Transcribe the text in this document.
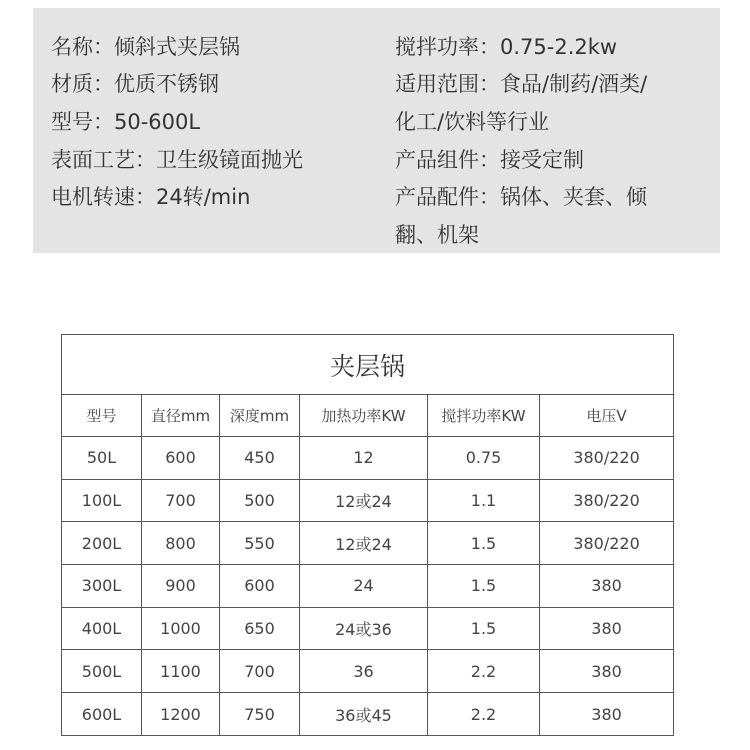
名称：倾斜式夹层锅
材质：优质不锈钢
型号：50-600L
表面工艺：卫生级镜面抛光
电机转速：24转/min
搅拌功率：0.75-2.2kw
适用范围：食品/制药/酒类/
化工/饮料等行业
产品组件：接受定制
产品配件：锅体、夹套、倾
翻、机架
夹层锅					
型号	直径mm	深度mm	加热功率KW	搅拌功率KW	电压V
50L	600	450	12	0.75	380/220
100L	700	500	12或24	1.1	380/220
200L	800	550	12或24	1.5	380/220
300L	900	600	24	1.5	380
400L	1000	650	24或36	1.5	380
500L	1100	700	36	2.2	380
600L	1200	750	36或45	2.2	380
